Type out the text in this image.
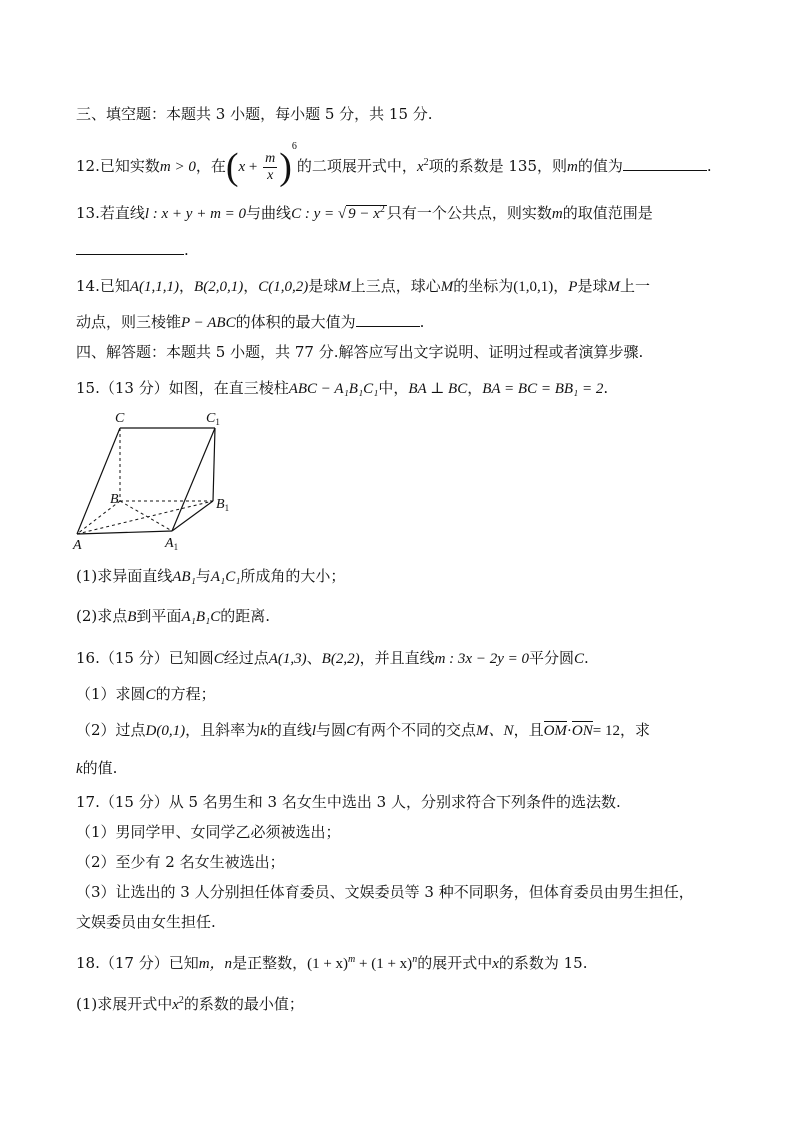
三、填空题：本题共 3 小题，每小题 5 分，共 15 分.
12.已知实数m > 0，在$(x + \frac{m}{x} )^6$的二项展开式中，$x^2$项的系数是 135，则m的值为	.
13.若直线l : x + y + m = 0与曲线C : y = √ $9 - x^2$ 只有一个公共点，则实数m的取值范围是
.
14.已知A(1,1,1)，B(2,0,1)，C(1,0,2)是球M上三点，球心M的坐标为(1,0,1)，P是球M上一
动点，则三棱锥P − ABC的体积的最大值为	.
四、解答题：本题共 5 小题，共 77 分.解答应写出文字说明、证明过程或者演算步骤.
15.（13 分）如图，在直三棱柱ABC − A₁B₁C₁中，BA ⊥ BC，BA = BC = BB₁ = 2.
C	$C_1$
B	$B_1$
A	$A_1$
(1)求异面直线AB₁与A₁C₁所成角的大小；
(2)求点B到平面A₁B₁C的距离.
16.（15 分）已知圆C经过点A(1,3)、B(2,2)，并且直线m : 3x − 2y = 0平分圆C.
（1）求圆C的方程；
（2）过点D(0,1)，且斜率为k的直线l与圆C有两个不同的交点M、N，且OM·ON= 12，求
k的值.
17.（15 分）从 5 名男生和 3 名女生中选出 3 人，分别求符合下列条件的选法数.
（1）男同学甲、女同学乙必须被选出；
（2）至少有 2 名女生被选出；
（3）让选出的 3 人分别担任体育委员、文娱委员等 3 种不同职务，但体育委员由男生担任，
文娱委员由女生担任.
18.（17 分）已知m，n是正整数，$(1 + x)^m + (1 + x)^n$的展开式中x的系数为 15.
(1)求展开式中$x^2$的系数的最小值；
